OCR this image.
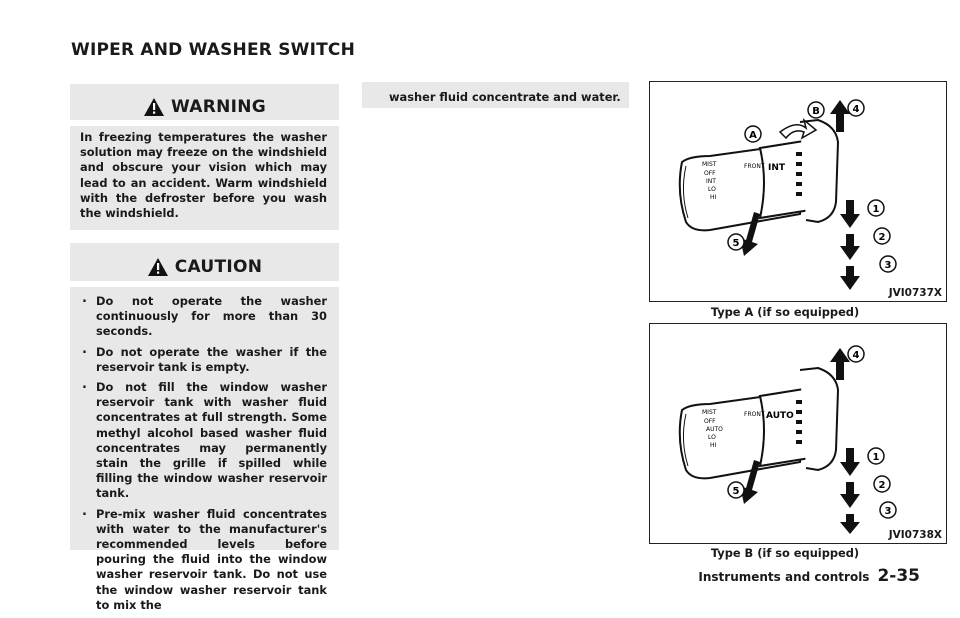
WIPER AND WASHER SWITCH
WARNING
In freezing temperatures the washer solution may freeze on the windshield and obscure your vision which may lead to an accident. Warm windshield with the defroster before you wash the windshield.
CAUTION
. Do not operate the washer continuously for more than 30 seconds.
. Do not operate the washer if the reservoir tank is empty.
. Do not fill the window washer reservoir tank with washer fluid concentrates at full strength. Some methyl alcohol based washer fluid concentrates may permanently stain the grille if spilled while filling the window washer reservoir tank.
. Pre-mix washer fluid concentrates with water to the manufacturer's recommended levels before pouring the fluid into the window washer reservoir tank. Do not use the window washer reservoir tank to mix the
washer fluid concentrate and water.
MIST
OFF
INT
LO
HI
FRONT INT
A
B
1
2
3
4
5
JVI0737X
Type A (if so equipped)
MIST
OFF
AUTO
LO
HI
FRONT AUTO
1
2
3
4
5
JVI0738X
Type B (if so equipped)
Instruments and controls 2-35
